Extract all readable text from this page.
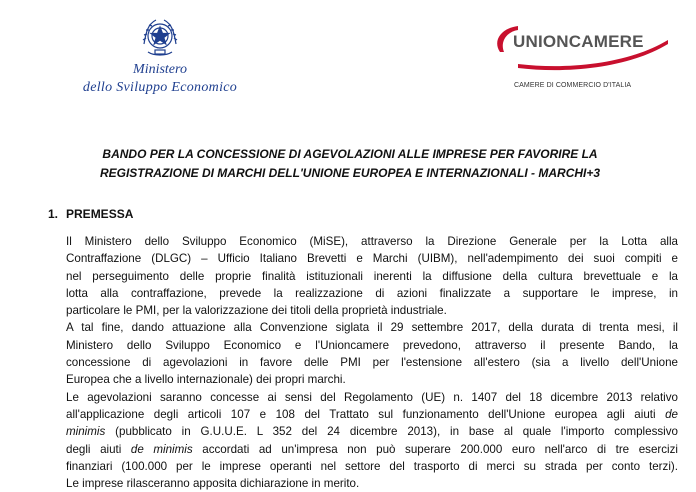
Ministero
dello Sviluppo Economico
UNIONCAMERE
CAMERE DI COMMERCIO D'ITALIA
BANDO PER LA CONCESSIONE DI AGEVOLAZIONI ALLE IMPRESE PER FAVORIRE LA
REGISTRAZIONE DI MARCHI DELL'UNIONE EUROPEA E INTERNAZIONALI - MARCHI+3
1. PREMESSA
Il Ministero dello Sviluppo Economico (MiSE), attraverso la Direzione Generale per la Lotta alla
Contraffazione (DLGC) – Ufficio Italiano Brevetti e Marchi (UIBM), nell'adempimento dei suoi compiti e
nel perseguimento delle proprie finalità istituzionali inerenti la diffusione della cultura brevettuale e la
lotta alla contraffazione, prevede la realizzazione di azioni finalizzate a supportare le imprese, in
particolare le PMI, per la valorizzazione dei titoli della proprietà industriale.
A tal fine, dando attuazione alla Convenzione siglata il 29 settembre 2017, della durata di trenta mesi, il
Ministero dello Sviluppo Economico e l'Unioncamere prevedono, attraverso il presente Bando, la
concessione di agevolazioni in favore delle PMI per l'estensione all'estero (sia a livello dell'Unione
Europea che a livello internazionale) dei propri marchi.
Le agevolazioni saranno concesse ai sensi del Regolamento (UE) n. 1407 del 18 dicembre 2013 relativo
all'applicazione degli articoli 107 e 108 del Trattato sul funzionamento dell'Unione europea agli aiuti de
minimis (pubblicato in G.U.U.E. L 352 del 24 dicembre 2013), in base al quale l'importo complessivo
degli aiuti de minimis accordati ad un'impresa non può superare 200.000 euro nell'arco di tre esercizi
finanziari (100.000 per le imprese operanti nel settore del trasporto di merci su strada per conto terzi).
Le imprese rilasceranno apposita dichiarazione in merito.
